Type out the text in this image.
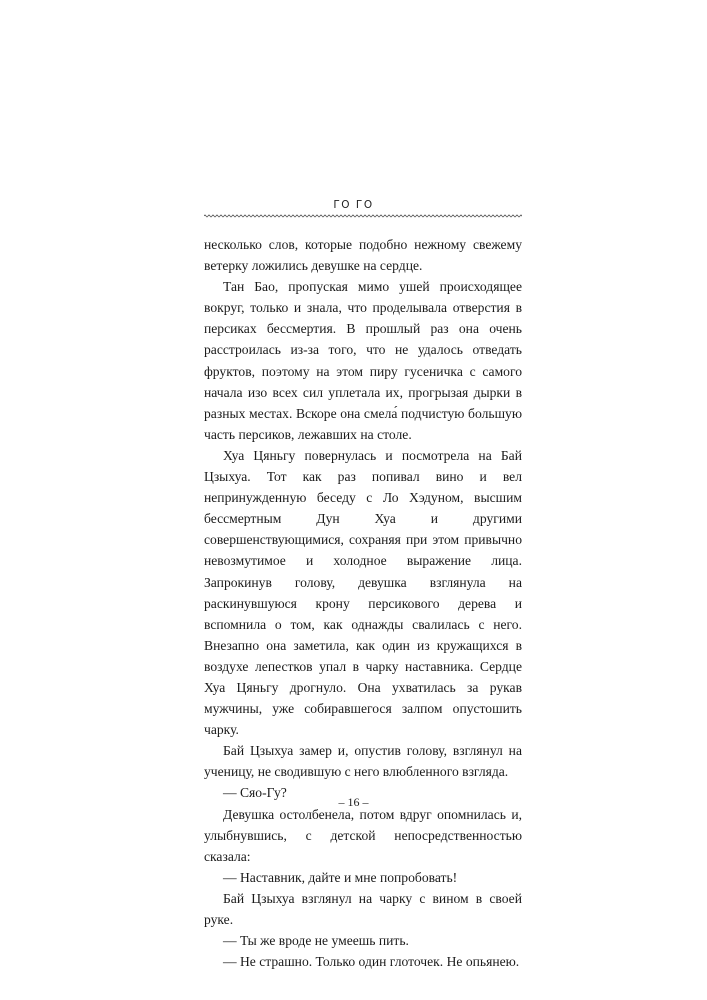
ГО ГО

несколько слов, которые подобно нежному свежему ветерку ложились девушке на сердце.

Тан Бао, пропуская мимо ушей происходящее вокруг, только и знала, что проделывала отверстия в персиках бессмертия. В прошлый раз она очень расстроилась из-за того, что не удалось отведать фруктов, поэтому на этом пиру гусеничка с самого начала изо всех сил уплетала их, прогрызая дырки в разных местах. Вскоре она смела́ подчистую большую часть персиков, лежавших на столе.

Хуа Цяньгу повернулась и посмотрела на Бай Цзыхуа. Тот как раз попивал вино и вел непринужденную беседу с Ло Хэдуном, высшим бессмертным Дун Хуа и другими совершенствующимися, сохраняя при этом привычно невозмутимое и холодное выражение лица. Запрокинув голову, девушка взглянула на раскинувшуюся крону персикового дерева и вспомнила о том, как однажды свалилась с него. Внезапно она заметила, как один из кружащихся в воздухе лепестков упал в чарку наставника. Сердце Хуа Цяньгу дрогнуло. Она ухватилась за рукав мужчины, уже собиравшегося залпом опустошить чарку.

Бай Цзыхуа замер и, опустив голову, взглянул на ученицу, не сводившую с него влюбленного взгляда.

— Сяо-Гу?

Девушка остолбенела, потом вдруг опомнилась и, улыбнувшись, с детской непосредственностью сказала:

— Наставник, дайте и мне попробовать!

Бай Цзыхуа взглянул на чарку с вином в своей руке.

— Ты же вроде не умеешь пить.

— Не страшно. Только один глоточек. Не опьянею.

– 16 –
